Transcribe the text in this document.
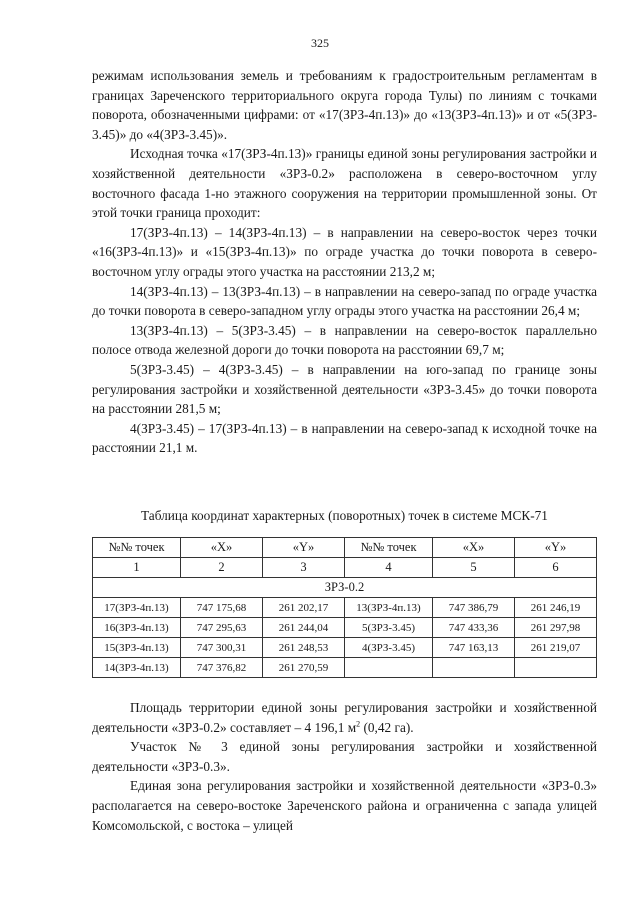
325

режимам использования земель и требованиям к градостроительным регламентам в границах Зареченского территориального округа города Тулы) по линиям с точками поворота, обозначенными цифрами: от «17(ЗРЗ-4п.13)» до «13(ЗРЗ-4п.13)» и от «5(ЗРЗ- 3.45)» до «4(ЗРЗ-3.45)».

Исходная точка «17(ЗРЗ-4п.13)» границы единой зоны регулирования застройки и хозяйственной деятельности «ЗРЗ-0.2» расположена в северо-восточном углу восточного фасада 1-но этажного сооружения на территории промышленной зоны. От этой точки граница проходит:

17(ЗРЗ-4п.13) – 14(ЗРЗ-4п.13) – в направлении на северо-восток через точки «16(ЗРЗ-4п.13)» и «15(ЗРЗ-4п.13)» по ограде участка до точки поворота в северо- восточном углу ограды этого участка на расстоянии 213,2 м;

14(ЗРЗ-4п.13) – 13(ЗРЗ-4п.13) – в направлении на северо-запад по ограде участка до точки поворота в северо-западном углу ограды этого участка на расстоянии 26,4 м;

13(ЗРЗ-4п.13) – 5(ЗРЗ-3.45) – в направлении на северо-восток параллельно полосе отвода железной дороги до точки поворота на расстоянии 69,7 м;

5(ЗРЗ-3.45) – 4(ЗРЗ-3.45) – в направлении на юго-запад по границе зоны регулирования застройки и хозяйственной деятельности «ЗРЗ-3.45» до точки поворота на расстоянии 281,5 м;

4(ЗРЗ-3.45) – 17(ЗРЗ-4п.13) – в направлении на северо-запад к исходной точке на расстоянии 21,1 м.

Таблица координат характерных (поворотных) точек в системе МСК-71
№№ точек	«X»	«Y»	№№ точек	«X»	«Y»
1	2	3	4	5	6
ЗРЗ-0.2					
17(ЗРЗ-4п.13)	747 175,68	261 202,17	13(ЗРЗ-4п.13)	747 386,79	261 246,19
16(ЗРЗ-4п.13)	747 295,63	261 244,04	5(ЗРЗ-3.45)	747 433,36	261 297,98
15(ЗРЗ-4п.13)	747 300,31	261 248,53	4(ЗРЗ-3.45)	747 163,13	261 219,07
14(ЗРЗ-4п.13)	747 376,82	261 270,59			

Площадь территории единой зоны регулирования застройки и хозяйственной деятельности «ЗРЗ-0.2» составляет – 4 196,1 $м^2$ (0,42 га).

Участок № 3 единой зоны регулирования застройки и хозяйственной деятельности «ЗРЗ-0.3».

Единая зона регулирования застройки и хозяйственной деятельности «ЗРЗ-0.3» располагается на северо-востоке Зареченского района и ограниченна с запада улицей Комсомольской, с востока – улицей
